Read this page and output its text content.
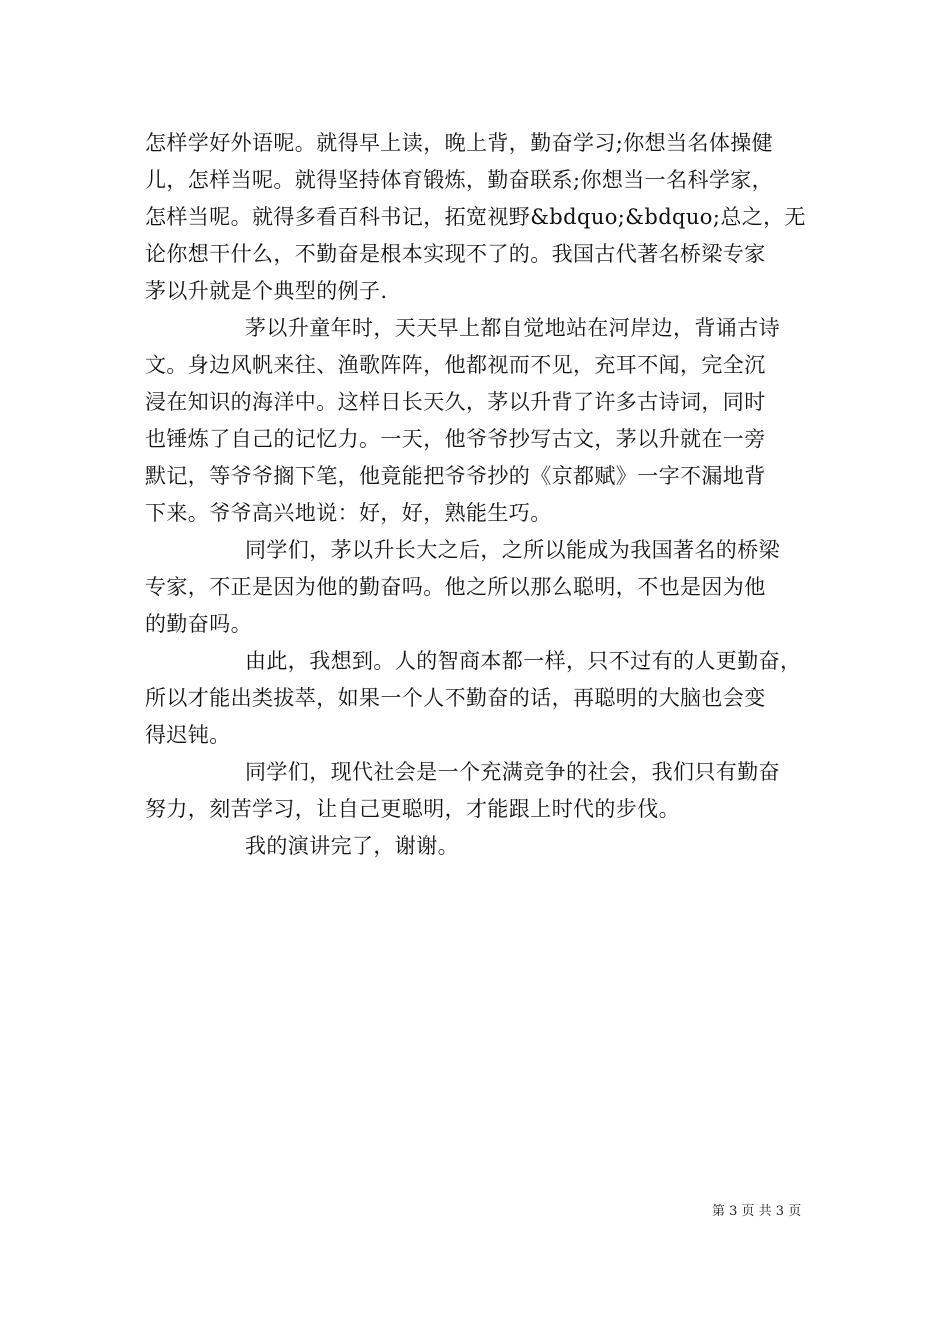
怎样学好外语呢。就得早上读，晚上背，勤奋学习;你想当名体操健
儿，怎样当呢。就得坚持体育锻炼，勤奋联系;你想当一名科学家，
怎样当呢。就得多看百科书记，拓宽视野&bdquo;&bdquo;总之，无
论你想干什么，不勤奋是根本实现不了的。我国古代著名桥梁专家
茅以升就是个典型的例子.
茅以升童年时，天天早上都自觉地站在河岸边，背诵古诗
文。身边风帆来往、渔歌阵阵，他都视而不见，充耳不闻，完全沉
浸在知识的海洋中。这样日长天久，茅以升背了许多古诗词，同时
也锤炼了自己的记忆力。一天，他爷爷抄写古文，茅以升就在一旁
默记，等爷爷搁下笔，他竟能把爷爷抄的《京都赋》一字不漏地背
下来。爷爷高兴地说：好，好，熟能生巧。
同学们，茅以升长大之后，之所以能成为我国著名的桥梁
专家，不正是因为他的勤奋吗。他之所以那么聪明，不也是因为他
的勤奋吗。
由此，我想到。人的智商本都一样，只不过有的人更勤奋，
所以才能出类拔萃，如果一个人不勤奋的话，再聪明的大脑也会变
得迟钝。
同学们，现代社会是一个充满竞争的社会，我们只有勤奋
努力，刻苦学习，让自己更聪明，才能跟上时代的步伐。
我的演讲完了，谢谢。
第 3 页 共 3 页
